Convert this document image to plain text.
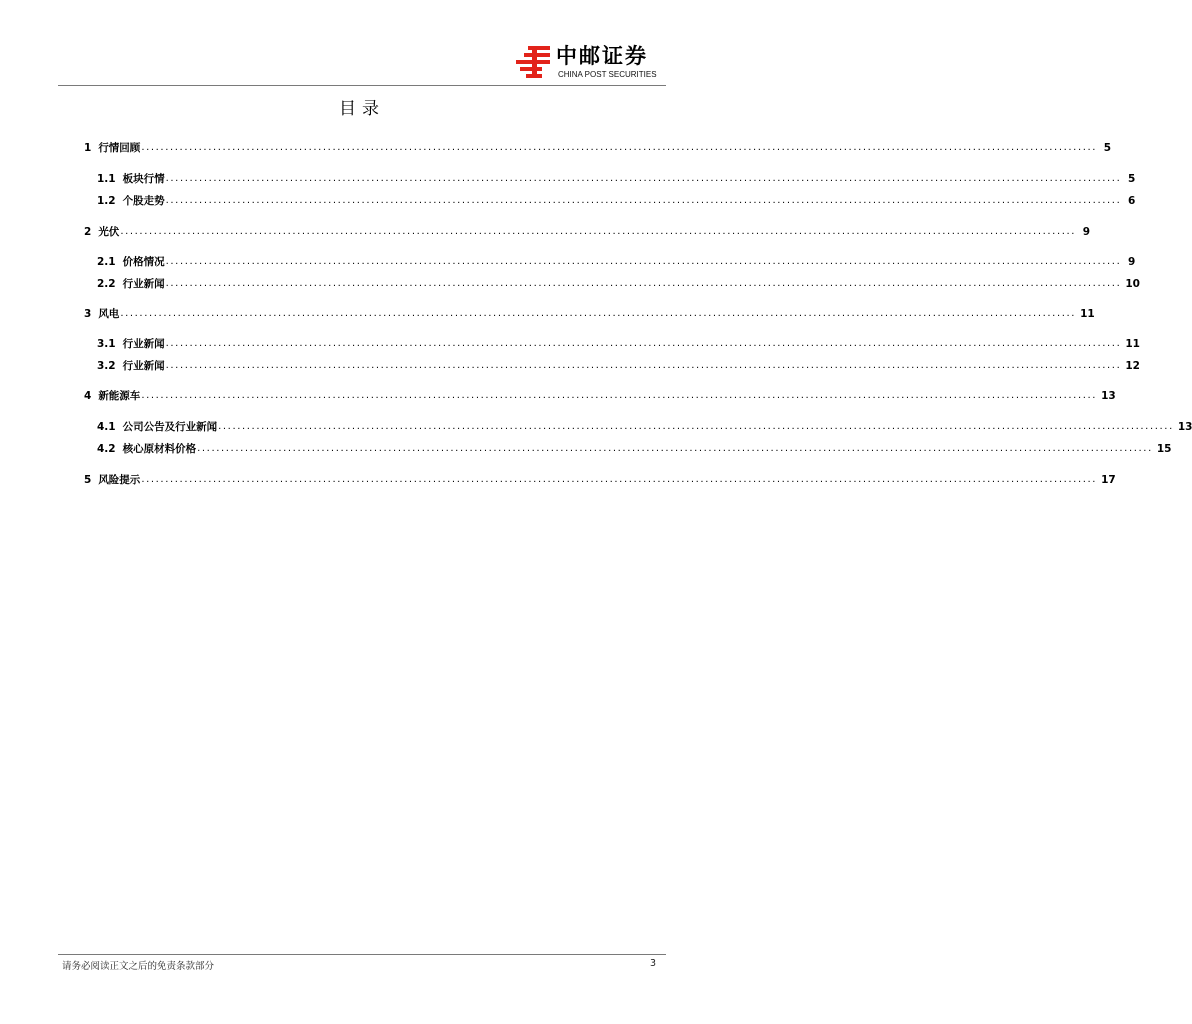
中邮证券
CHINA POST SECURITIES
目录
1 行情回顾 ........................................................................................................................................................................................................ 5
1.1 板块行情 ........................................................................................................................................................................................................ 5
1.2 个股走势 ........................................................................................................................................................................................................ 6
2 光伏 ........................................................................................................................................................................................................ 9
2.1 价格情况 ........................................................................................................................................................................................................ 9
2.2 行业新闻 ........................................................................................................................................................................................................ 10
3 风电 ........................................................................................................................................................................................................ 11
3.1 行业新闻 ........................................................................................................................................................................................................ 11
3.2 行业新闻 ........................................................................................................................................................................................................ 12
4 新能源车 ........................................................................................................................................................................................................ 13
4.1 公司公告及行业新闻 ........................................................................................................................................................................................................ 13
4.2 核心原材料价格 ........................................................................................................................................................................................................ 15
5 风险提示 ........................................................................................................................................................................................................ 17
请务必阅读正文之后的免责条款部分	3
